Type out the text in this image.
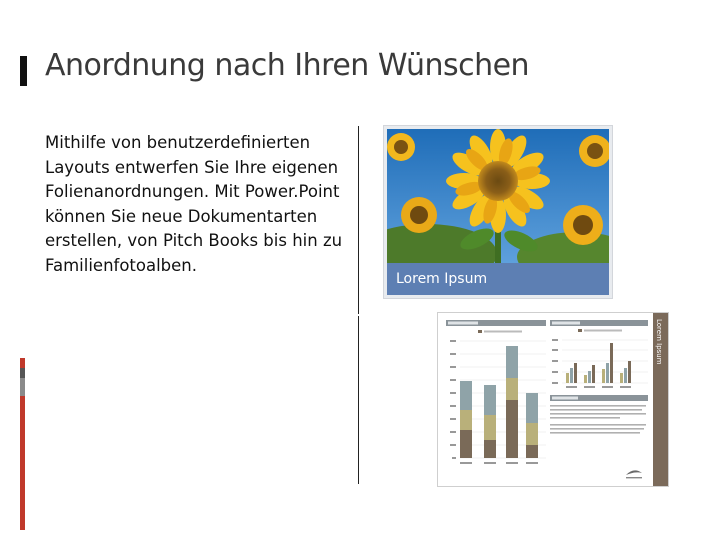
Anordnung nach Ihren Wünschen
Mithilfe von benutzerdefinierten Layouts entwerfen Sie Ihre eigenen Folienanordnungen. Mit Power.Point können Sie neue Dokumentarten erstellen, von Pitch Books bis hin zu Familienfotoalben.
Lorem Ipsum
Lorem Ipsum
